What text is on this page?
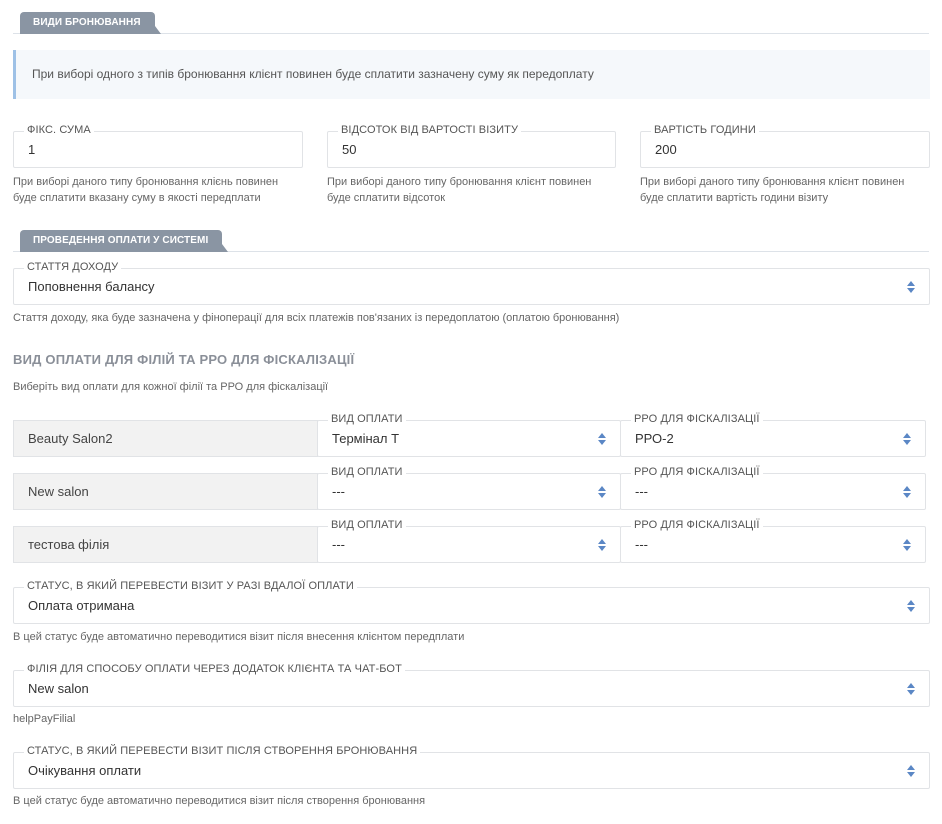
ВИДИ БРОНЮВАННЯ
При виборі одного з типів бронювання клієнт повинен буде сплатити зазначену суму як передоплату
ФІКС. СУМА
1
При виборі даного типу бронювання клієнь повинен буде сплатити вказану суму в якості передплати
ВІДСОТОК ВІД ВАРТОСТІ ВІЗИТУ
50
При виборі даного типу бронювання клієнт повинен буде сплатити відсоток
ВАРТІСТЬ ГОДИНИ
200
При виборі даного типу бронювання клієнт повинен буде сплатити вартість години візиту
ПРОВЕДЕННЯ ОПЛАТИ У СИСТЕМІ
СТАТТЯ ДОХОДУ
Поповнення балансу
Стаття доходу, яка буде зазначена у фіноперації для всіх платежів пов'язаних із передоплатою (оплатою бронювання)
ВИД ОПЛАТИ ДЛЯ ФІЛІЙ ТА РРО ДЛЯ ФІСКАЛІЗАЦІЇ
Виберіть вид оплати для кожної філії та РРО для фіскалізації
Beauty Salon2
ВИД ОПЛАТИ
Термінал Т
РРО ДЛЯ ФІСКАЛІЗАЦІЇ
РРО-2
New salon
ВИД ОПЛАТИ
---
РРО ДЛЯ ФІСКАЛІЗАЦІЇ
---
тестова філія
ВИД ОПЛАТИ
---
РРО ДЛЯ ФІСКАЛІЗАЦІЇ
---
СТАТУС, В ЯКИЙ ПЕРЕВЕСТИ ВІЗИТ У РАЗІ ВДАЛОЇ ОПЛАТИ
Оплата отримана
В цей статус буде автоматично переводитися візит після внесення клієнтом передплати
ФІЛІЯ ДЛЯ СПОСОБУ ОПЛАТИ ЧЕРЕЗ ДОДАТОК КЛІЄНТА ТА ЧАТ-БОТ
New salon
helpPayFilial
СТАТУС, В ЯКИЙ ПЕРЕВЕСТИ ВІЗИТ ПІСЛЯ СТВОРЕННЯ БРОНЮВАННЯ
Очікування оплати
В цей статус буде автоматично переводитися візит після створення бронювання
